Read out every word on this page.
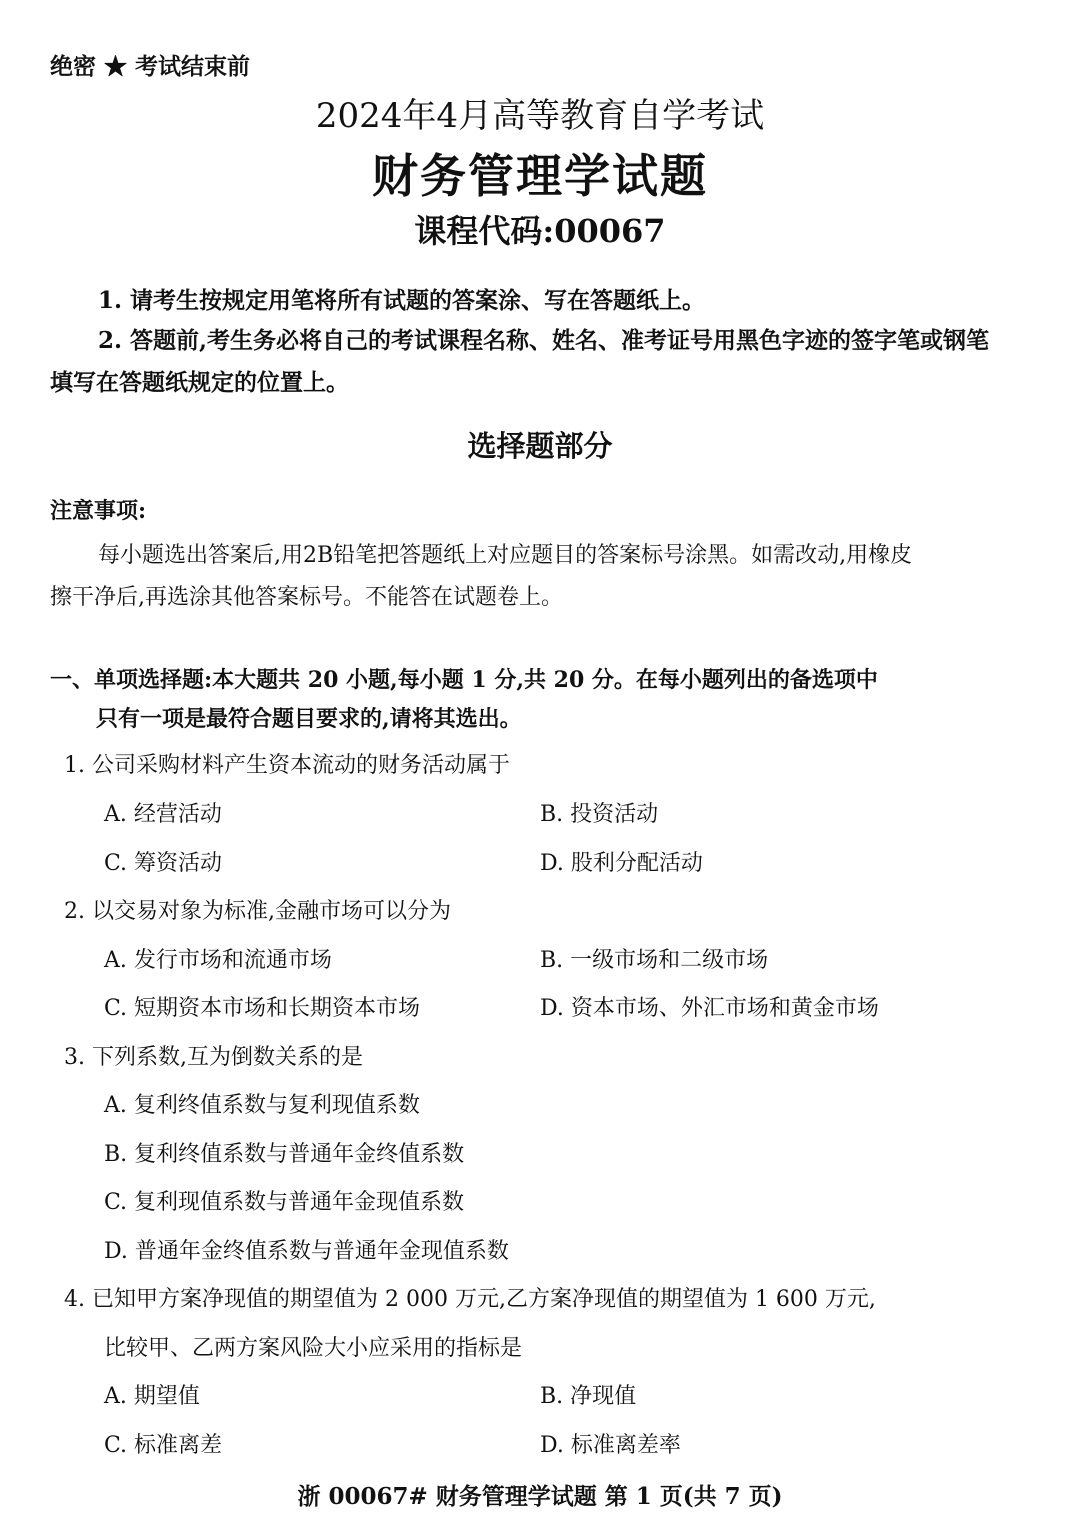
绝密 ★ 考试结束前
2024年4月高等教育自学考试
财务管理学试题
课程代码:00067
1. 请考生按规定用笔将所有试题的答案涂、写在答题纸上。
2. 答题前,考生务必将自己的考试课程名称、姓名、准考证号用黑色字迹的签字笔或钢笔
填写在答题纸规定的位置上。
选择题部分
注意事项:
每小题选出答案后,用2B铅笔把答题纸上对应题目的答案标号涂黑。如需改动,用橡皮
擦干净后,再选涂其他答案标号。不能答在试题卷上。
一、单项选择题:本大题共 20 小题,每小题 1 分,共 20 分。在每小题列出的备选项中
只有一项是最符合题目要求的,请将其选出。
1. 公司采购材料产生资本流动的财务活动属于
A. 经营活动	B. 投资活动
C. 筹资活动	D. 股利分配活动
2. 以交易对象为标准,金融市场可以分为
A. 发行市场和流通市场	B. 一级市场和二级市场
C. 短期资本市场和长期资本市场	D. 资本市场、外汇市场和黄金市场
3. 下列系数,互为倒数关系的是
A. 复利终值系数与复利现值系数
B. 复利终值系数与普通年金终值系数
C. 复利现值系数与普通年金现值系数
D. 普通年金终值系数与普通年金现值系数
4. 已知甲方案净现值的期望值为 2 000 万元,乙方案净现值的期望值为 1 600 万元,
比较甲、乙两方案风险大小应采用的指标是
A. 期望值	B. 净现值
C. 标准离差	D. 标准离差率
浙 00067# 财务管理学试题 第 1 页(共 7 页)
